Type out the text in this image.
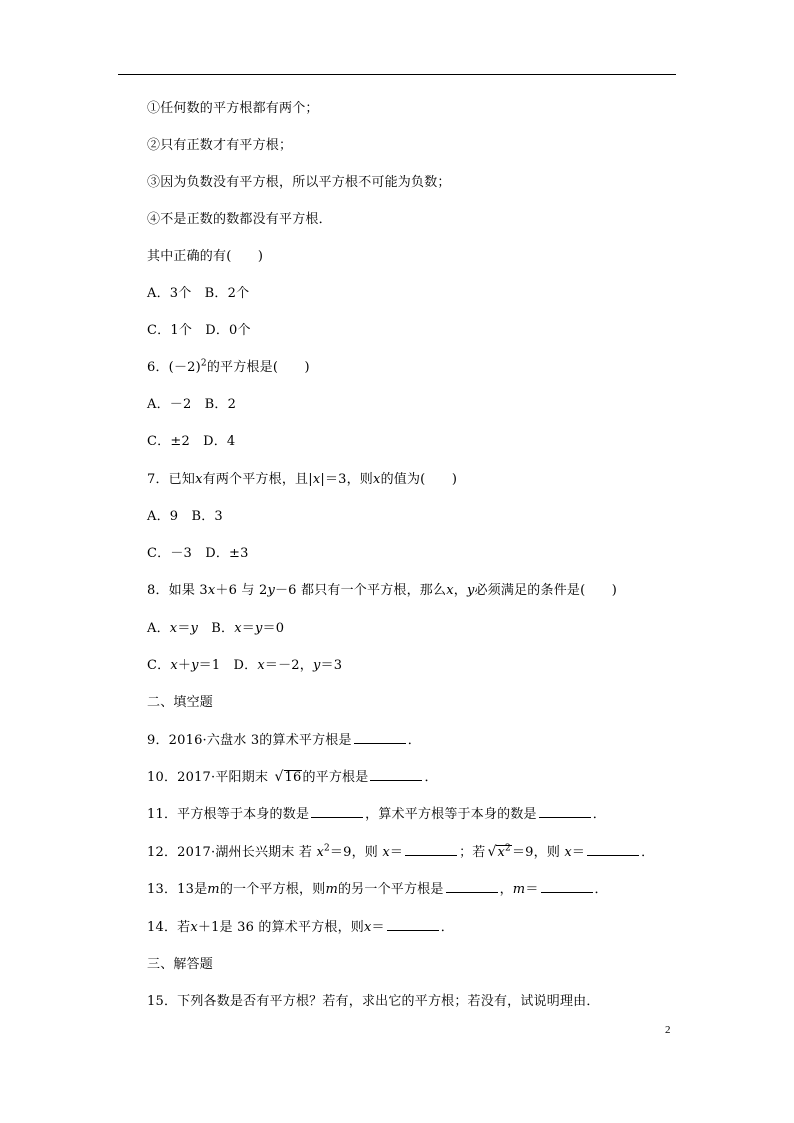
①任何数的平方根都有两个；
②只有正数才有平方根；
③因为负数没有平方根，所以平方根不可能为负数；
④不是正数的数都没有平方根．
其中正确的有(　　)
A．3个　B．2个
C．1个　D．0个
6．$(-2)^2$的平方根是(　　)
A．－2　B．2
C．±2　D．4
7．已知x有两个平方根，且|x|＝3，则x的值为(　　)
A．9　B．3
C．－3　D．±3
8．如果 3x＋6 与 2y－6 都只有一个平方根，那么x，y必须满足的条件是(　　)
A．x＝y　B．x＝y＝0
C．x＋y＝1　D．x＝－2，y＝3
二、填空题
9．2016·六盘水 3的算术平方根是	．
10．2017·平阳期末 √ 16的平方根是	．
11．平方根等于本身的数是	，算术平方根等于本身的数是	．
12．2017·湖州长兴期末 若 $x^2=9$，则 x＝	；若 √ $x^2=9$，则 x＝	．
13．13是m的一个平方根，则m的另一个平方根是	，m＝	．
14．若x＋1是 36 的算术平方根，则x＝	．
三、解答题
15．下列各数是否有平方根？若有，求出它的平方根；若没有，试说明理由．
2
